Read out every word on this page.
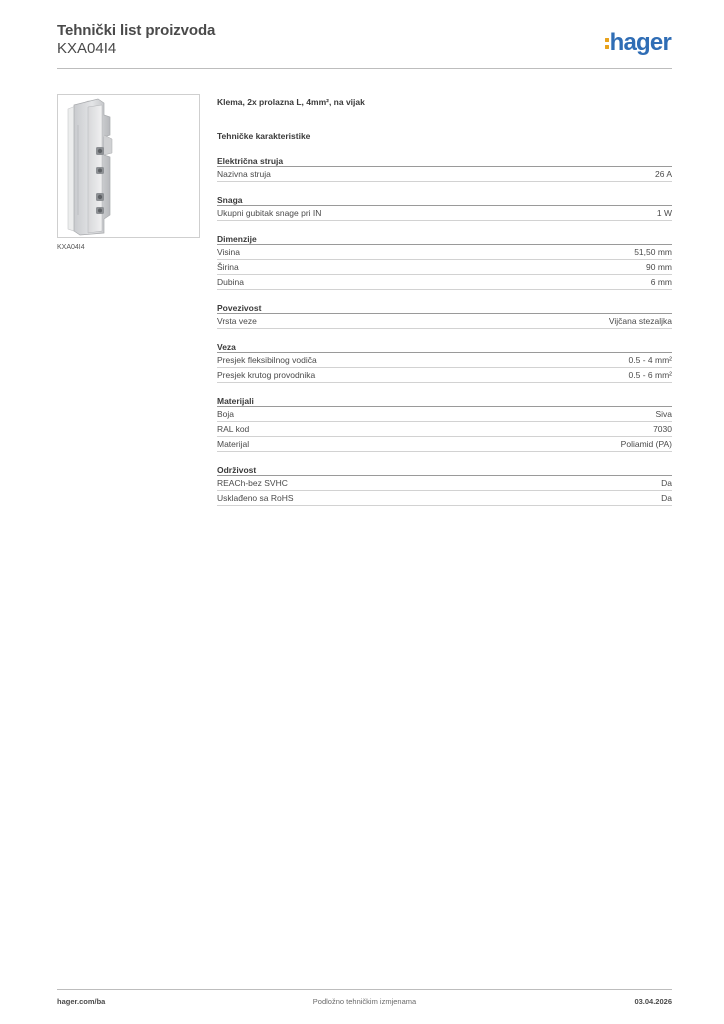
Tehnički list proizvoda
KXA04I4	hager
KXA04I4
Klema, 2x prolazna L, 4mm², na vijak
Tehničke karakteristike
Električna struja
Nazivna struja	26 A
Snaga
Ukupni gubitak snage pri IN	1 W
Dimenzije
Visina	51,50 mm
Širina	90 mm
Dubina	6 mm
Povezivost
Vrsta veze	Vijčana stezaljka
Veza
Presjek fleksibilnog vodiča	0.5 - 4 mm²
Presjek krutog provodnika	0.5 - 6 mm²
Materijali
Boja	Siva
RAL kod	7030
Materijal	Poliamid (PA)
Održivost
REACh-bez SVHC	Da
Usklađeno sa RoHS	Da
hager.com/ba	Podložno tehničkim izmjenama	03.04.2026
